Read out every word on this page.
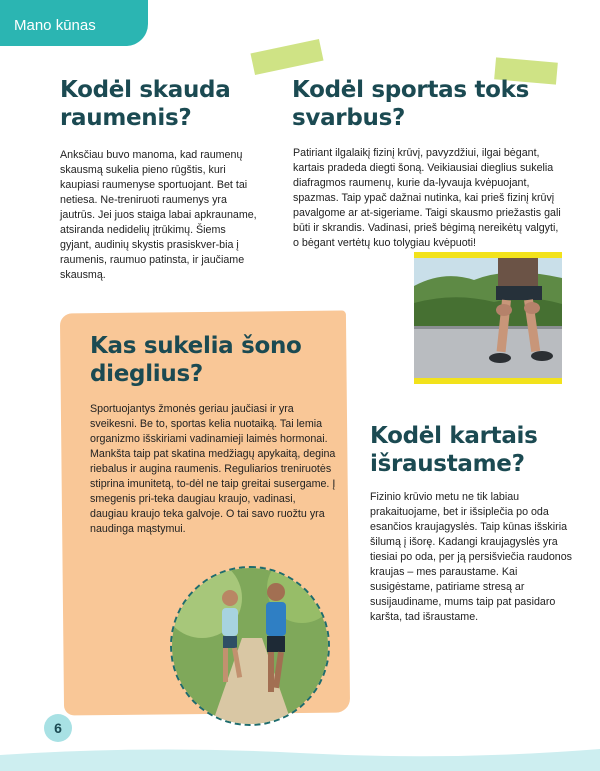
Mano kūnas
Kodėl skauda
raumenis?

Anksčiau buvo manoma, kad raumenų skausmą sukelia pieno rūgštis, kuri kaupiasi raumenyse sportuojant. Bet tai netiesa. Ne-treniruoti raumenys yra jautrūs. Jei juos staiga labai apkrauname, atsiranda nedidelių įtrūkimų. Šiems gyjant, audinių skystis prasiskver-bia į raumenis, raumuo patinsta, ir jaučiame skausmą.

Kodėl sportas toks
svarbus?

Patiriant ilgalaikį fizinį krūvį, pavyzdžiui, ilgai bėgant, kartais pradeda diegti šoną. Veikiausiai dieglius sukelia diafragmos raumenų, kurie da-lyvauja kvėpuojant, spazmas. Taip ypač dažnai nutinka, kai prieš fizinį krūvį pavalgome ar at-sigeriame. Taigi skausmo priežastis gali būti ir skrandis. Vadinasi, prieš bėgimą nereikėtų valgyti, o bėgant vertėtų kuo tolygiau kvėpuoti!

Kas sukelia šono
dieglius?

Sportuojantys žmonės geriau jaučiasi ir yra sveikesni. Be to, sportas kelia nuotaiką. Tai lemia organizmo išskiriami vadinamieji laimės hormonai. Mankšta taip pat skatina medžiagų apykaitą, degina riebalus ir augina raumenis. Reguliarios treniruotės stiprina imunitetą, to-dėl ne taip greitai susergame. Į smegenis pri-teka daugiau kraujo, vadinasi, daugiau kraujo teka galvoje. O tai savo ruožtu yra naudinga mąstymui.

Kodėl kartais
išraustame?

Fizinio krūvio metu ne tik labiau prakaituojame, bet ir išsiplečia po oda esančios kraujagyslės. Taip kūnas išskiria šilumą į išorę. Kadangi kraujagyslės yra tiesiai po oda, per ją persišviečia raudonos kraujas – mes paraustame. Kai susigėstame, patiriame stresą ar susijaudiname, mums taip pat pasidaro karšta, tad išraustame.

6
